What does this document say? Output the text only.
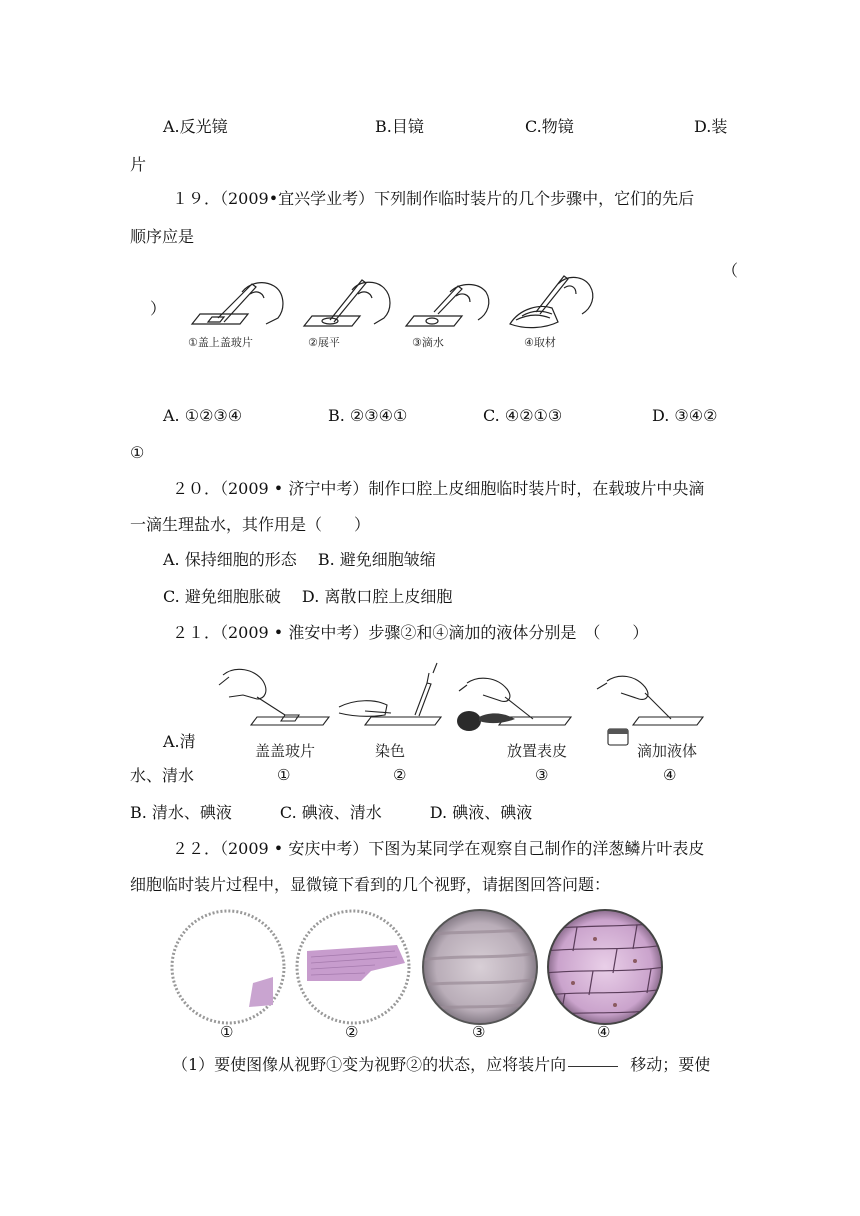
A.反光镜	B.目镜	C.物镜	D.装
片
１９．（2009•宜兴学业考）下列制作临时装片的几个步骤中，它们的先后
顺序应是
（
）
①盖上盖玻片	②展平	③滴水	④取材
A. ①②③④	B. ②③④①	C. ④②①③	D. ③④②
①
２０．（2009 • 济宁中考）制作口腔上皮细胞临时装片时，在载玻片中央滴
一滴生理盐水，其作用是（　　）
A. 保持细胞的形态　 B. 避免细胞皱缩
C. 避免细胞胀破　 D. 离散口腔上皮细胞
２１．（2009 • 淮安中考）步骤②和④滴加的液体分别是　（　　）
A.清
水、清水
盖盖玻片	染色	放置表皮	滴加液体
①	②	③	④
B. 清水、碘液　　　C. 碘液、清水　　　D. 碘液、碘液
２２．（2009 • 安庆中考）下图为某同学在观察自己制作的洋葱鳞片叶表皮
细胞临时装片过程中，显微镜下看到的几个视野，请据图回答问题：
①	②	③	④
（1）要使图像从视野①变为视野②的状态，应将装片向	移动；要使
